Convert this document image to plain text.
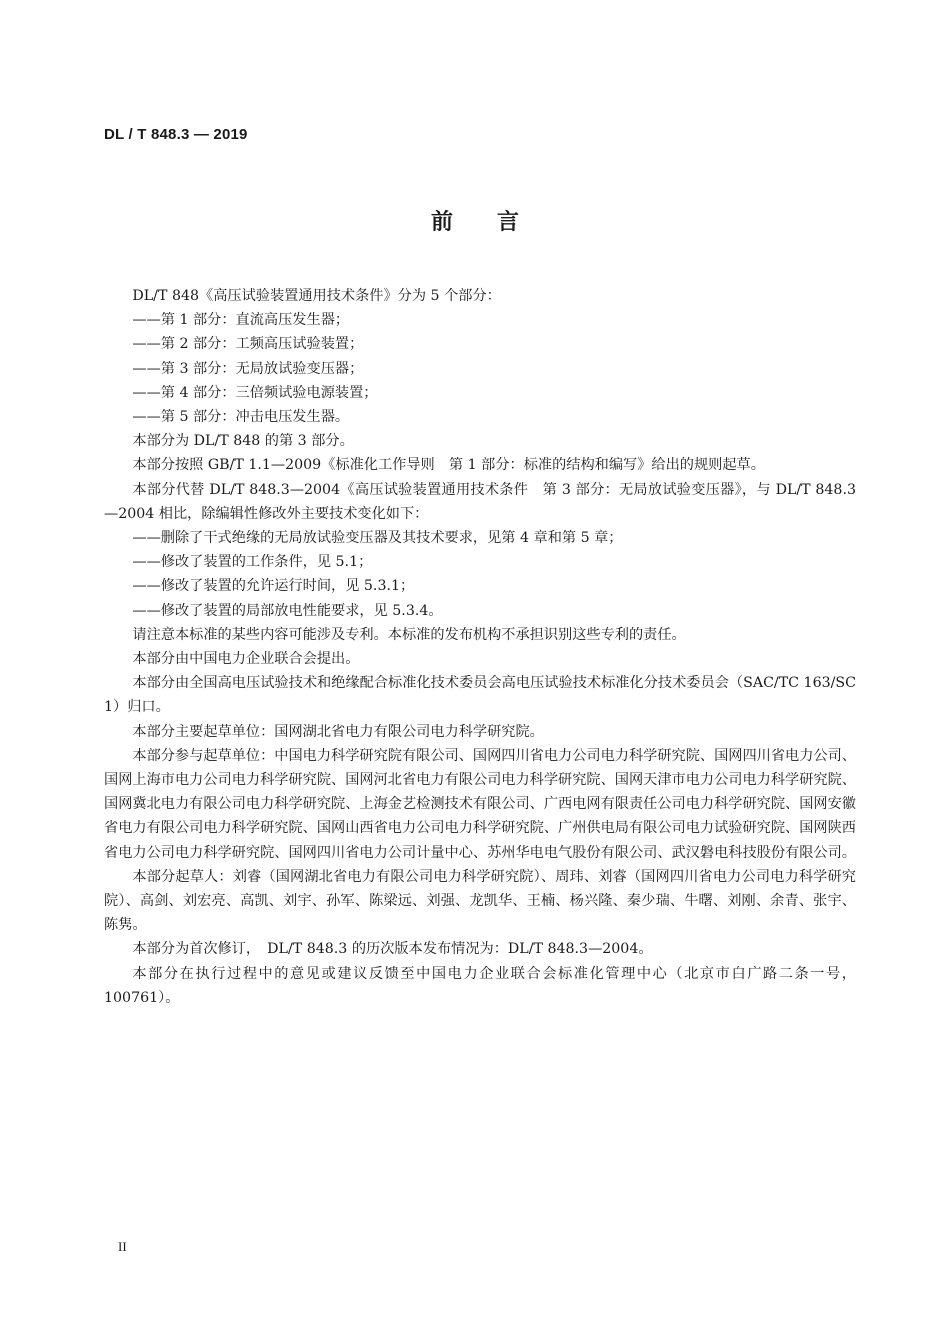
DL / T 848.3 — 2019
前言

DL/T 848《高压试验装置通用技术条件》分为 5 个部分：

——第 1 部分：直流高压发生器；

——第 2 部分：工频高压试验装置；

——第 3 部分：无局放试验变压器；

——第 4 部分：三倍频试验电源装置；

——第 5 部分：冲击电压发生器。

本部分为 DL/T 848 的第 3 部分。

本部分按照 GB/T 1.1—2009《标准化工作导则　第 1 部分：标准的结构和编写》给出的规则起草。

本部分代替 DL/T 848.3—2004《高压试验装置通用技术条件　第 3 部分：无局放试验变压器》，与 DL/T 848.3—2004 相比，除编辑性修改外主要技术变化如下：

——删除了干式绝缘的无局放试验变压器及其技术要求，见第 4 章和第 5 章；

——修改了装置的工作条件，见 5.1；

——修改了装置的允许运行时间，见 5.3.1；

——修改了装置的局部放电性能要求，见 5.3.4。

请注意本标准的某些内容可能涉及专利。本标准的发布机构不承担识别这些专利的责任。

本部分由中国电力企业联合会提出。

本部分由全国高电压试验技术和绝缘配合标准化技术委员会高电压试验技术标准化分技术委员会（SAC/TC 163/SC 1）归口。

本部分主要起草单位：国网湖北省电力有限公司电力科学研究院。

本部分参与起草单位：中国电力科学研究院有限公司、国网四川省电力公司电力科学研究院、国网四川省电力公司、国网上海市电力公司电力科学研究院、国网河北省电力有限公司电力科学研究院、国网天津市电力公司电力科学研究院、国网冀北电力有限公司电力科学研究院、上海金艺检测技术有限公司、广西电网有限责任公司电力科学研究院、国网安徽省电力有限公司电力科学研究院、国网山西省电力公司电力科学研究院、广州供电局有限公司电力试验研究院、国网陕西省电力公司电力科学研究院、国网四川省电力公司计量中心、苏州华电电气股份有限公司、武汉磐电科技股份有限公司。

本部分起草人：刘睿（国网湖北省电力有限公司电力科学研究院）、周玮、刘睿（国网四川省电力公司电力科学研究院）、高剑、刘宏亮、高凯、刘宇、孙军、陈梁远、刘强、龙凯华、王楠、杨兴隆、秦少瑞、牛曙、刘刚、余青、张宇、陈隽。

本部分为首次修订，　DL/T 848.3 的历次版本发布情况为：DL/T 848.3—2004。

本部分在执行过程中的意见或建议反馈至中国电力企业联合会标准化管理中心（北京市白广路二条一号，100761）。

II
